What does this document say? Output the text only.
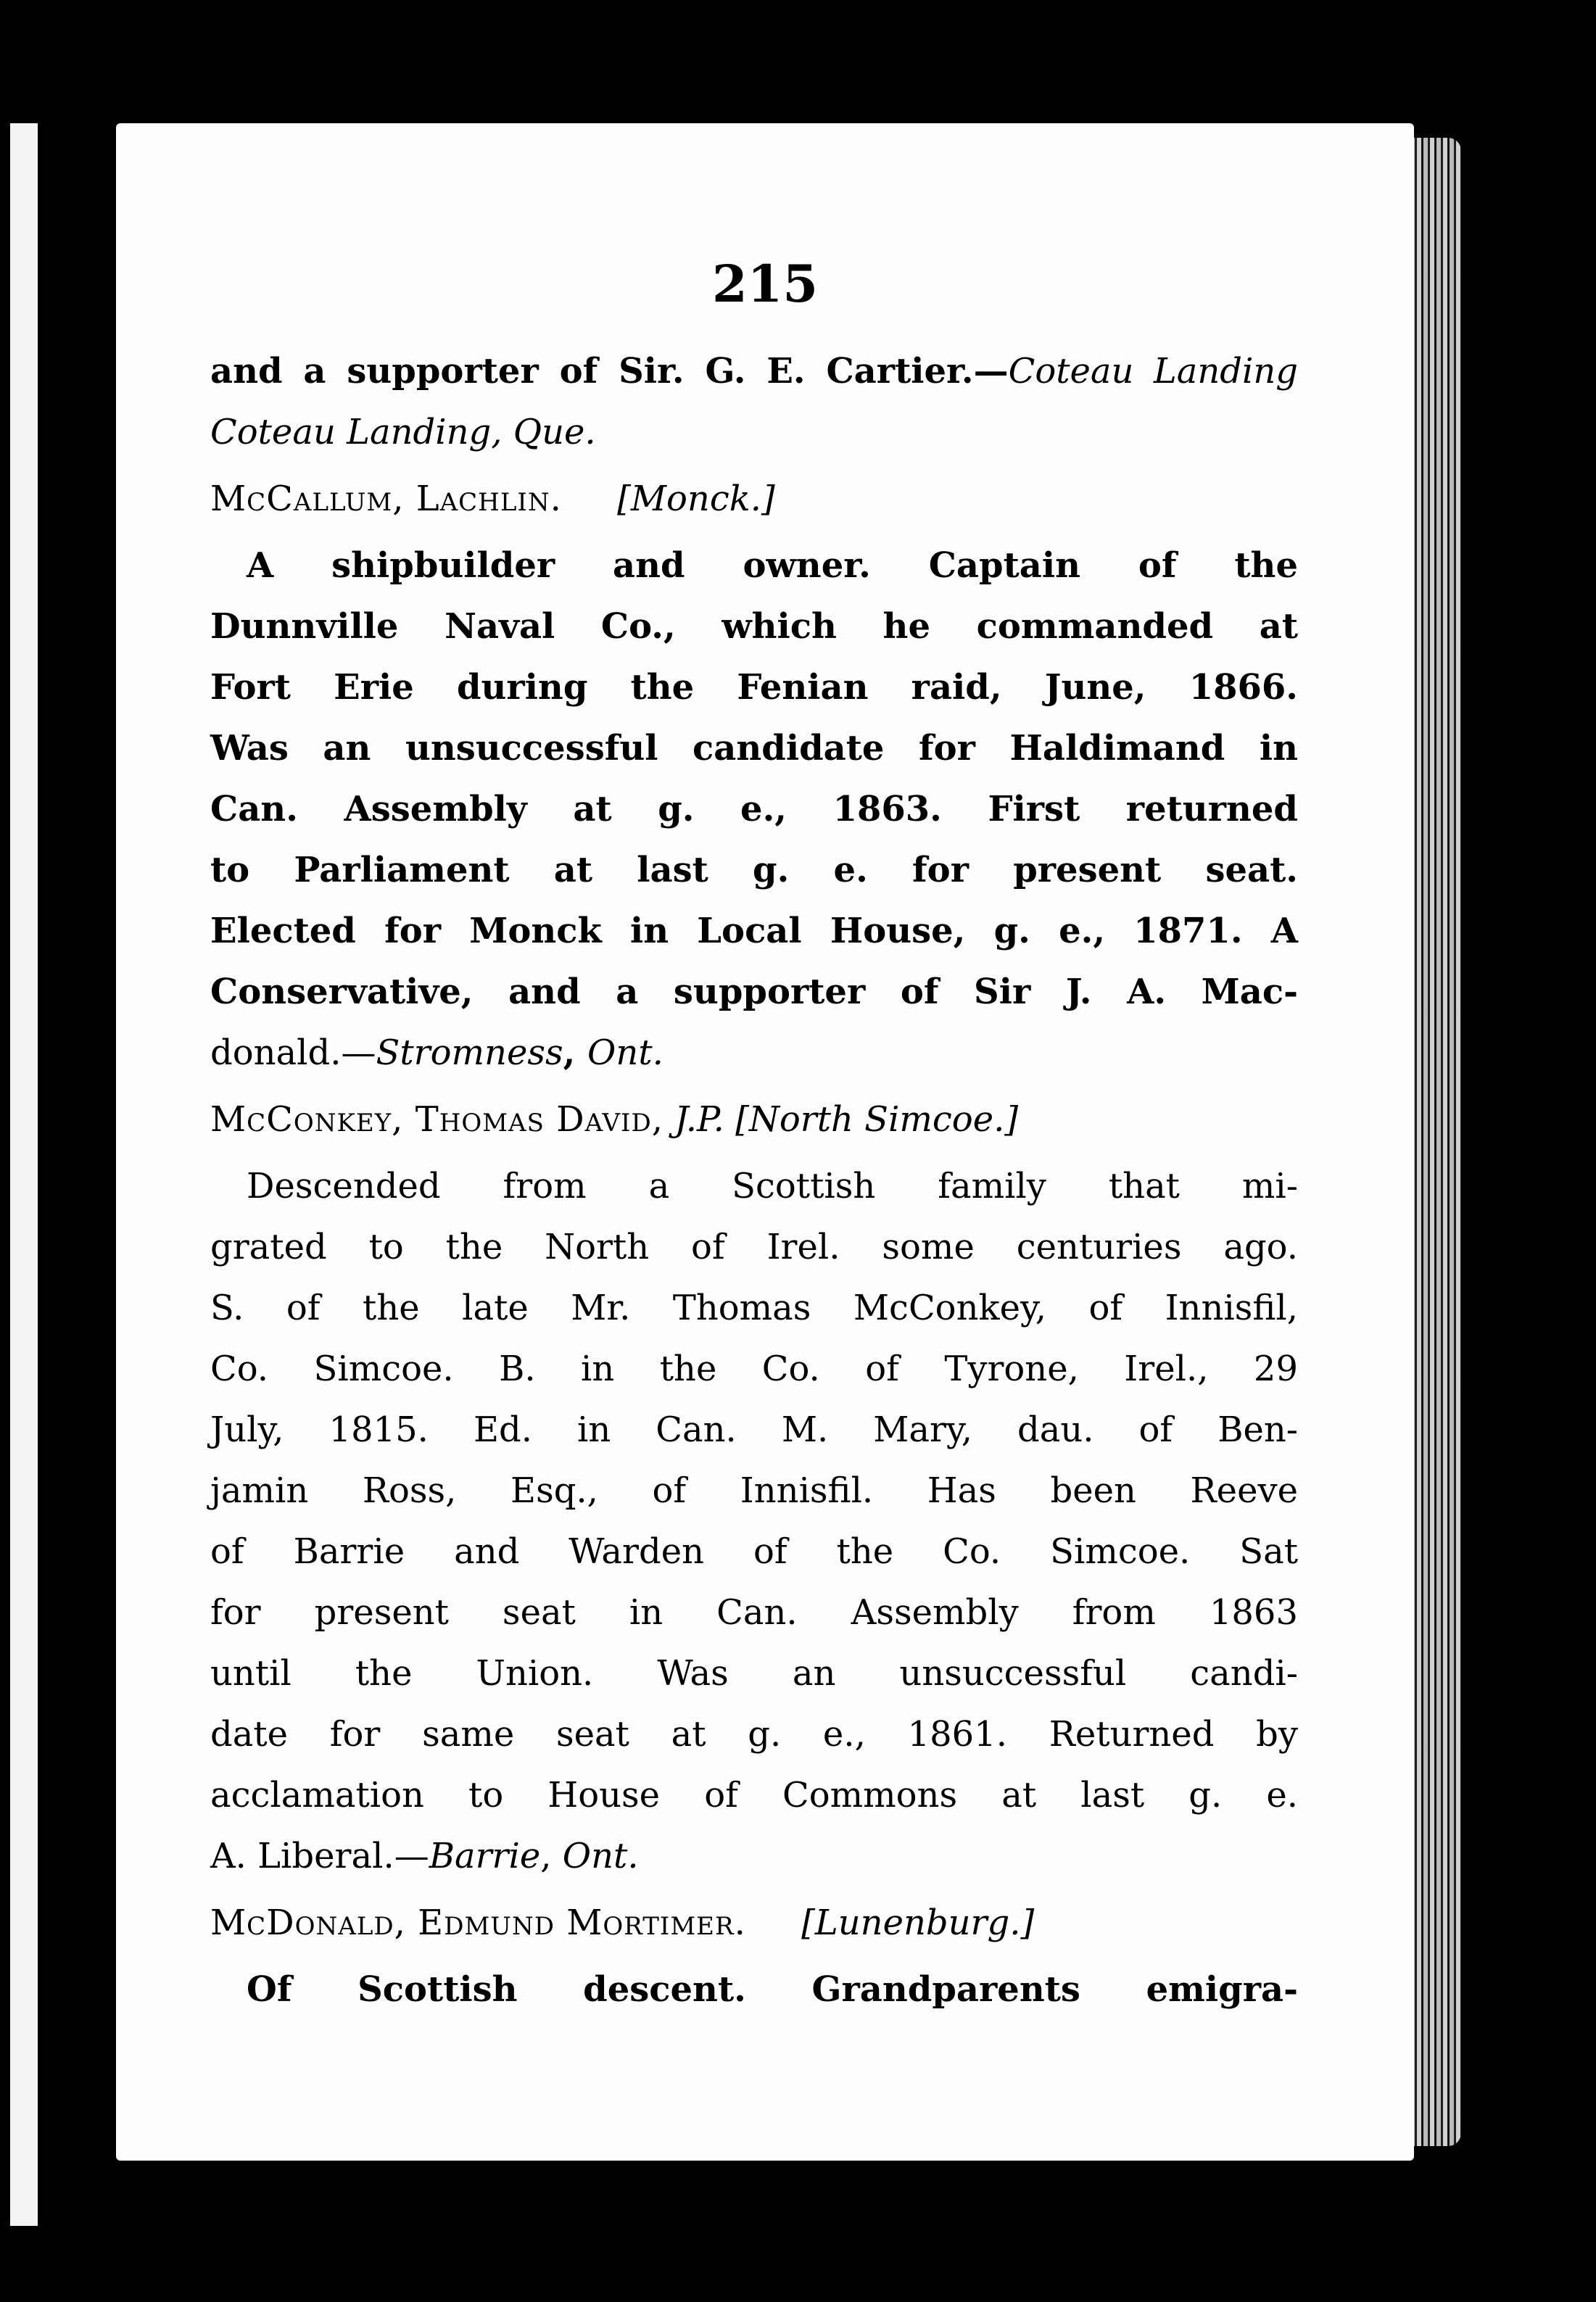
215
and a supporter of Sir. G. E. Cartier.—Coteau Landing
Coteau Landing, Que.
McCallum, Lachlin. [Monck.]
A shipbuilder and owner. Captain of the
Dunnville Naval Co., which he commanded at
Fort Erie during the Fenian raid, June, 1866.
Was an unsuccessful candidate for Haldimand in
Can. Assembly at g. e., 1863. First returned
to Parliament at last g. e. for present seat.
Elected for Monck in Local House, g. e., 1871. A
Conservative, and a supporter of Sir J. A. Mac-
donald.—Stromness, Ont.
McConkey, Thomas David, J.P. [North Simcoe.]
Descended from a Scottish family that mi-
grated to the North of Irel. some centuries ago.
S. of the late Mr. Thomas McConkey, of Innisfil,
Co. Simcoe. B. in the Co. of Tyrone, Irel., 29
July, 1815. Ed. in Can. M. Mary, dau. of Ben-
jamin Ross, Esq., of Innisfil. Has been Reeve
of Barrie and Warden of the Co. Simcoe. Sat
for present seat in Can. Assembly from 1863
until the Union. Was an unsuccessful candi-
date for same seat at g. e., 1861. Returned by
acclamation to House of Commons at last g. e.
A. Liberal.—Barrie, Ont.
McDonald, Edmund Mortimer. [Lunenburg.]
Of Scottish descent. Grandparents emigra-
